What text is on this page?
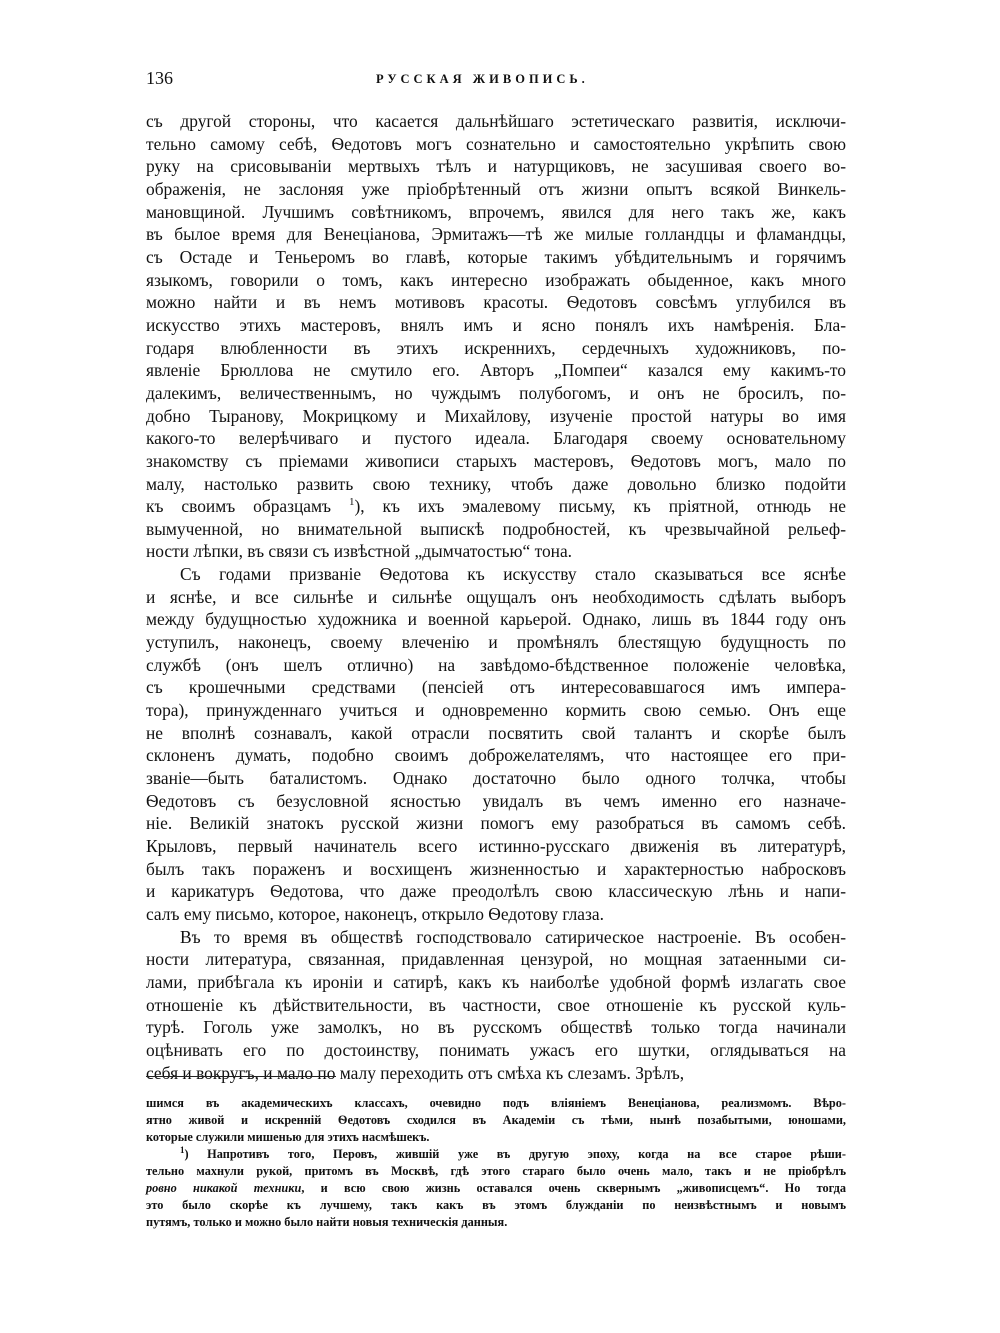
136	РУССКАЯ ЖИВОПИСЬ.
съ другой стороны, что касается дальнѣйшаго эстетическаго развитія, исключи-
тельно самому себѣ, Ѳедотовъ могъ сознательно и самостоятельно укрѣпить свою
руку на срисовываніи мертвыхъ тѣлъ и натурщиковъ, не засушивая своего во-
ображенія, не заслоняя уже пріобрѣтенный отъ жизни опытъ всякой Винкель-
мановщиной. Лучшимъ совѣтникомъ, впрочемъ, явился для него такъ же, какъ
въ былое время для Венеціанова, Эрмитажъ—тѣ же милые голландцы и фламандцы,
съ Остаде и Теньеромъ во главѣ, которые такимъ убѣдительнымъ и горячимъ
языкомъ, говорили о томъ, какъ интересно изображать обыденное, какъ много
можно найти и въ немъ мотивовъ красоты. Ѳедотовъ совсѣмъ углубился въ
искусство этихъ мастеровъ, внялъ имъ и ясно понялъ ихъ намѣренія. Бла-
годаря влюбленности въ этихъ искреннихъ, сердечныхъ художниковъ, по-
явленіе Брюллова не смутило его. Авторъ „Помпеи“ казался ему какимъ-то
далекимъ, величественнымъ, но чуждымъ полубогомъ, и онъ не бросилъ, по-
добно Тыранову, Мокрицкому и Михайлову, изученіе простой натуры во имя
какого-то велерѣчиваго и пустого идеала. Благодаря своему основательному
знакомству съ пріемами живописи старыхъ мастеровъ, Ѳедотовъ могъ, мало по
малу, настолько развить свою технику, чтобъ даже довольно близко подойти
къ своимъ образцамъ $^1$), къ ихъ эмалевому письму, къ пріятной, отнюдь не
вымученной, но внимательной выпискѣ подробностей, къ чрезвычайной рельеф-
ности лѣпки, въ связи съ извѣстной „дымчатостью“ тона.
Съ годами призваніе Ѳедотова къ искусству стало сказываться все яснѣе
и яснѣе, и все сильнѣе и сильнѣе ощущалъ онъ необходимость сдѣлать выборъ
между будущностью художника и военной карьерой. Однако, лишь въ 1844 году онъ
уступилъ, наконецъ, своему влеченію и промѣнялъ блестящую будущность по
службѣ (онъ шелъ отлично) на завѣдомо-бѣдственное положеніе человѣка,
съ крошечными средствами (пенсіей отъ интересовавшагося имъ импера-
тора), принужденнаго учиться и одновременно кормить свою семью. Онъ еще
не вполнѣ сознавалъ, какой отрасли посвятить свой талантъ и скорѣе былъ
склоненъ думать, подобно своимъ доброжелателямъ, что настоящее его при-
званіе—быть баталистомъ. Однако достаточно было одного толчка, чтобы
Ѳедотовъ съ безусловной ясностью увидалъ въ чемъ именно его назначе-
ніе. Великій знатокъ русской жизни помогъ ему разобраться въ самомъ себѣ.
Крыловъ, первый начинатель всего истинно-русскаго движенія въ литературѣ,
былъ такъ пораженъ и восхищенъ жизненностью и характерностью набросковъ
и карикатуръ Ѳедотова, что даже преодолѣлъ свою классическую лѣнь и напи-
салъ ему письмо, которое, наконецъ, открыло Ѳедотову глаза.
Въ то время въ обществѣ господствовало сатирическое настроеніе. Въ особен-
ности литература, связанная, придавленная цензурой, но мощная затаенными си-
лами, прибѣгала къ ироніи и сатирѣ, какъ къ наиболѣе удобной формѣ излагать свое
отношеніе къ дѣйствительности, въ частности, свое отношеніе къ русской куль-
турѣ. Гоголь уже замолкъ, но въ русскомъ обществѣ только тогда начинали
оцѣнивать его по достоинству, понимать ужасъ его шутки, оглядываться на
себя и вокругъ, и мало по малу переходить отъ смѣха къ слезамъ. Зрѣлъ,
шимся въ академическихъ классахъ, очевидно подъ вліяніемъ Венеціанова, реализмомъ. Вѣро-
ятно живой и искренній Ѳедотовъ сходился въ Академіи съ тѣми, нынѣ позабытыми, юношами,
которые служили мишенью для этихъ насмѣшекъ.
$^1$) Напротивъ того, Перовъ, жившій уже въ другую эпоху, когда на все старое рѣши-
тельно махнули рукой, притомъ въ Москвѣ, гдѣ этого стараго было очень мало, такъ и не пріобрѣлъ
ровно никакой техники, и всю свою жизнь оставался очень сквернымъ „живописцемъ“. Но тогда
это было скорѣе къ лучшему, такъ какъ въ этомъ блужданіи по неизвѣстнымъ и новымъ
путямъ, только и можно было найти новыя техническія данныя.
